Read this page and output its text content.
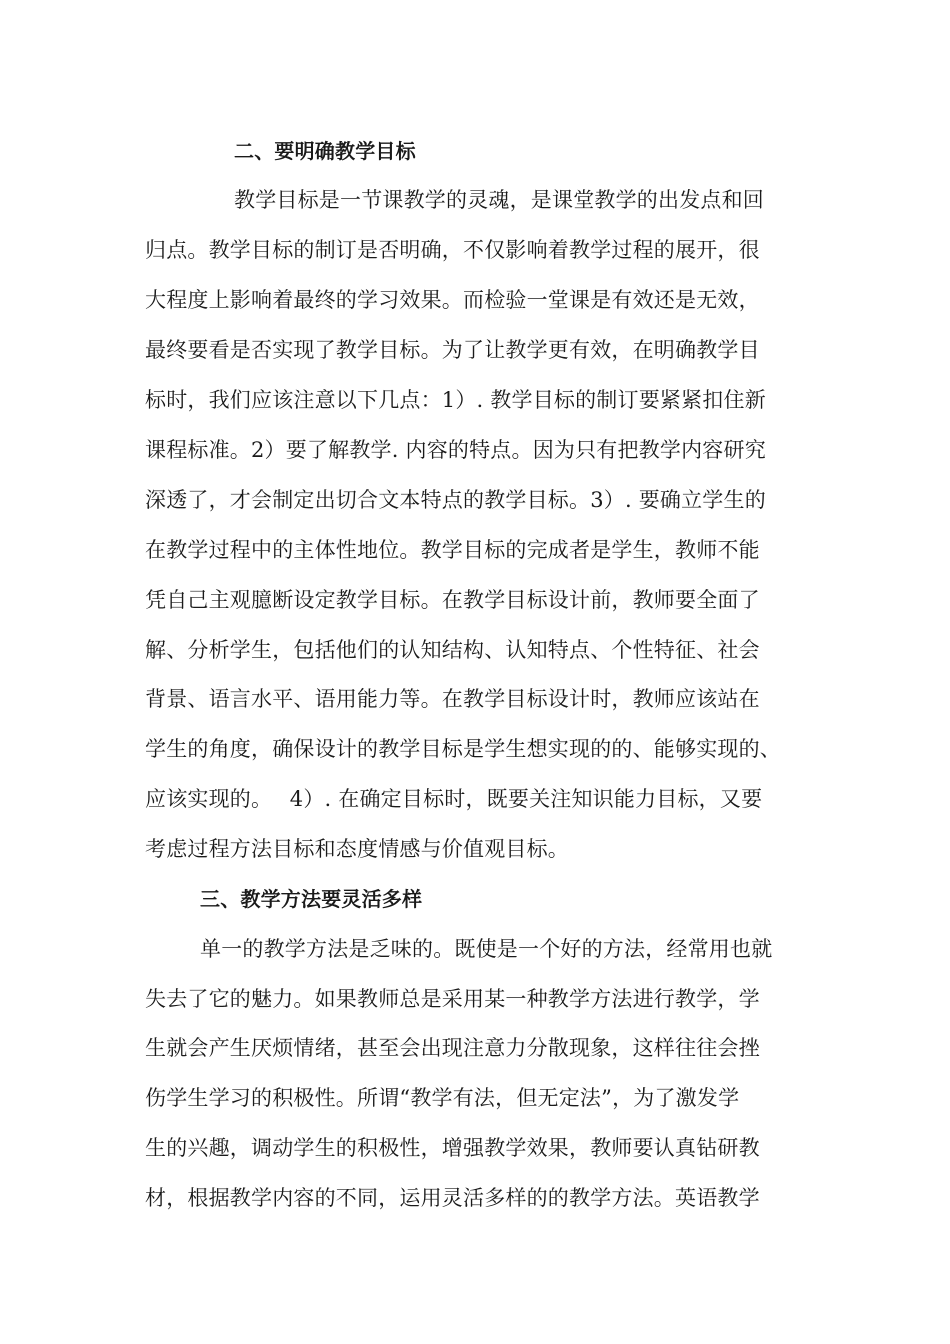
二、要明确教学目标
教学目标是一节课教学的灵魂，是课堂教学的出发点和回
归点。教学目标的制订是否明确，不仅影响着教学过程的展开，很
大程度上影响着最终的学习效果。而检验一堂课是有效还是无效，
最终要看是否实现了教学目标。为了让教学更有效，在明确教学目
标时，我们应该注意以下几点：1）. 教学目标的制订要紧紧扣住新
课程标准。2）要了解教学. 内容的特点。因为只有把教学内容研究
深透了，才会制定出切合文本特点的教学目标。3）. 要确立学生的
在教学过程中的主体性地位。教学目标的完成者是学生，教师不能
凭自己主观臆断设定教学目标。在教学目标设计前，教师要全面了
解、分析学生，包括他们的认知结构、认知特点、个性特征、社会
背景、语言水平、语用能力等。在教学目标设计时，教师应该站在
学生的角度，确保设计的教学目标是学生想实现的的、能够实现的、
应该实现的。　 4）. 在确定目标时，既要关注知识能力目标，又要
考虑过程方法目标和态度情感与价值观目标。
三、教学方法要灵活多样
单一的教学方法是乏味的。既使是一个好的方法，经常用也就
失去了它的魅力。如果教师总是采用某一种教学方法进行教学，学
生就会产生厌烦情绪，甚至会出现注意力分散现象，这样往往会挫
伤学生学习的积极性。所谓“教学有法，但无定法”，为了激发学
生的兴趣，调动学生的积极性，增强教学效果，教师要认真钻研教
材，根据教学内容的不同，运用灵活多样的的教学方法。英语教学
